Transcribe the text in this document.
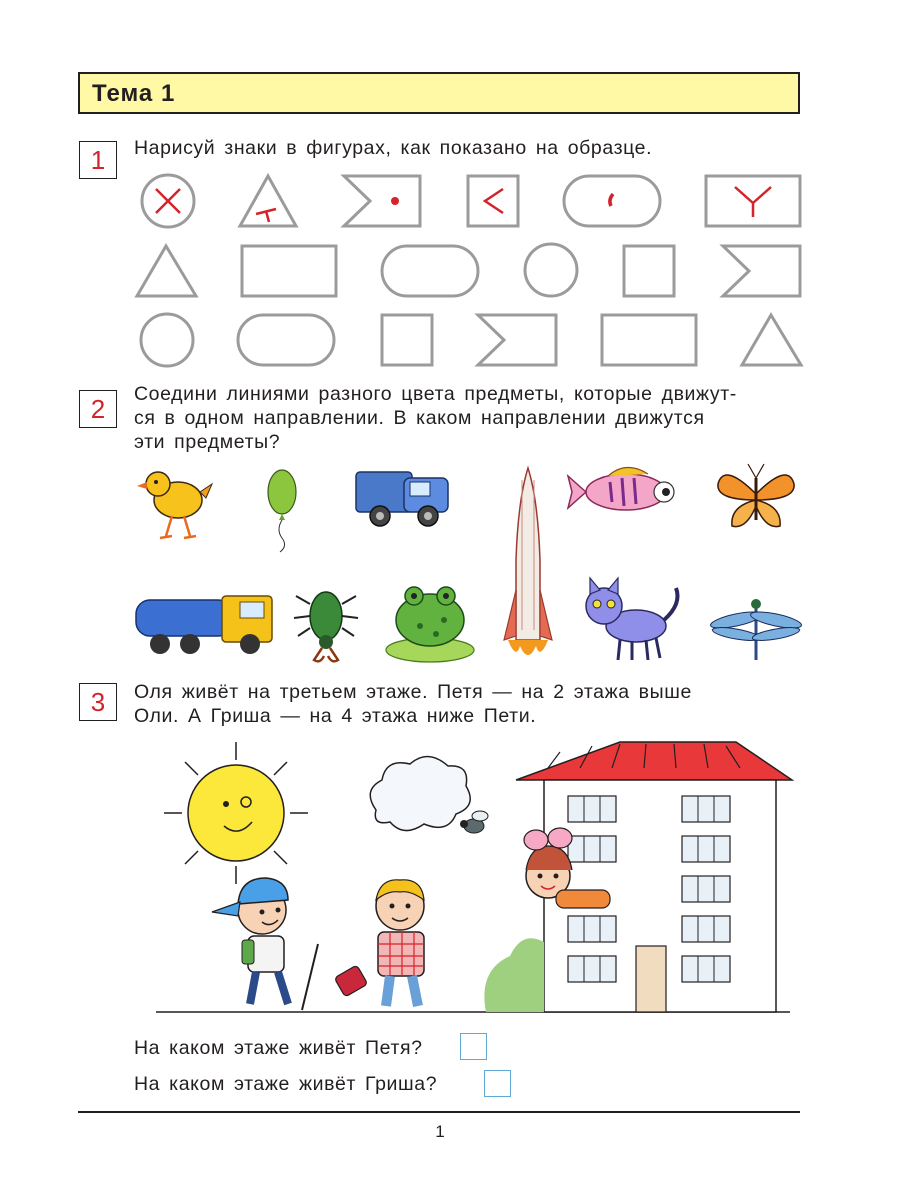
Тема 1
1	Нарисуй знаки в фигурах, как показано на образце.
2	Соедини линиями разного цвета предметы, которые движут-
ся в одном направлении. В каком направлении движутся
эти предметы?
3	Оля живёт на третьем этаже. Петя — на 2 этажа выше
Оли. А Гриша — на 4 этажа ниже Пети.
На каком этаже живёт Петя?
На каком этаже живёт Гриша?
1
